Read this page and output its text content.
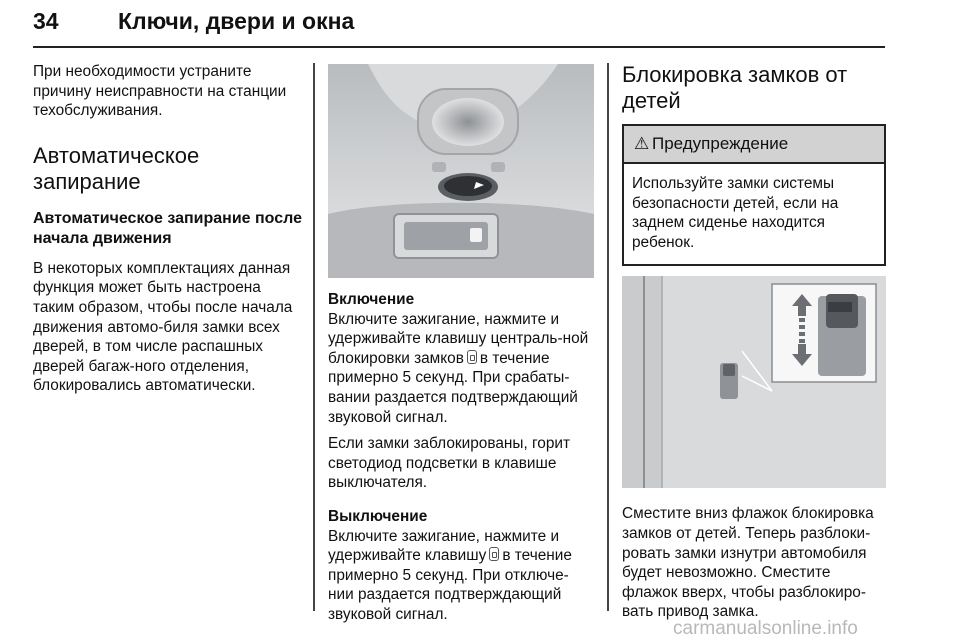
34	Ключи, двери и окна

При необходимости устраните причину неисправности на станции техобслуживания.

Автоматическое запирание
Автоматическое запирание после начала движения

В некоторых комплектациях данная функция может быть настроена таким образом, чтобы после начала движения автомо-биля замки всех дверей, в том числе распашных дверей багаж-ного отделения, блокировались автоматически.

Включение

Включите зажигание, нажмите и удерживайте клавишу централь-ной блокировки замков в течение примерно 5 секунд. При срабаты-вании раздается подтверждающий звуковой сигнал.

Если замки заблокированы, горит светодиод подсветки в клавише выключателя.

Выключение

Включите зажигание, нажмите и удерживайте клавишу в течение примерно 5 секунд. При отключе-нии раздается подтверждающий звуковой сигнал.

Блокировка замков от детей
⚠ Предупреждение

Используйте замки системы безопасности детей, если на заднем сиденье находится ребенок.

Сместите вниз флажок блокировка замков от детей. Теперь разблоки-ровать замки изнутри автомобиля будет невозможно. Сместите флажок вверх, чтобы разблокиро-вать привод замка.

carmanualsonline.info
